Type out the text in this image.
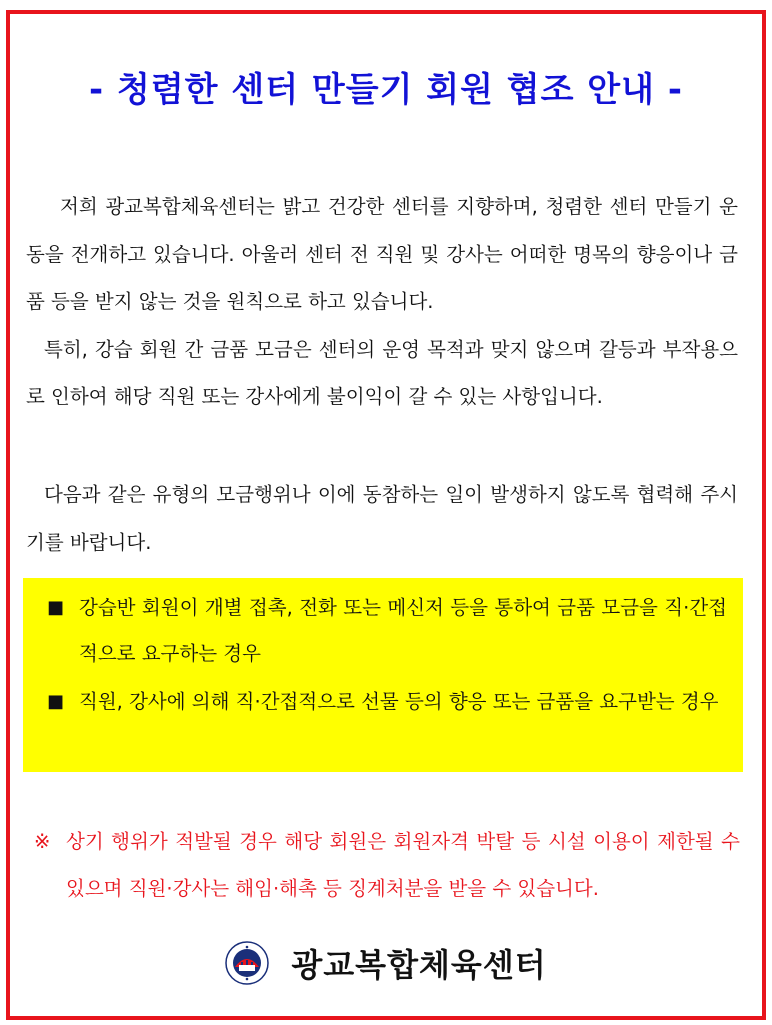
- 청렴한 센터 만들기 회원 협조 안내 -

저희 광교복합체육센터는 밝고 건강한 센터를 지향하며, 청렴한 센터 만들기 운동을 전개하고 있습니다. 아울러 센터 전 직원 및 강사는 어떠한 명목의 향응이나 금품 등을 받지 않는 것을 원칙으로 하고 있습니다.

특히, 강습 회원 간 금품 모금은 센터의 운영 목적과 맞지 않으며 갈등과 부작용으로 인하여 해당 직원 또는 강사에게 불이익이 갈 수 있는 사항입니다.

다음과 같은 유형의 모금행위나 이에 동참하는 일이 발생하지 않도록 협력해 주시기를 바랍니다.

■ 강습반 회원이 개별 접촉, 전화 또는 메신저 등을 통하여 금품 모금을 직·간접적으로 요구하는 경우
■ 직원, 강사에 의해 직·간접적으로 선물 등의 향응 또는 금품을 요구받는 경우
※ 상기 행위가 적발될 경우 해당 회원은 회원자격 박탈 등 시설 이용이 제한될 수 있으며 직원·강사는 해임·해촉 등 징계처분을 받을 수 있습니다.
광교복합체육센터
